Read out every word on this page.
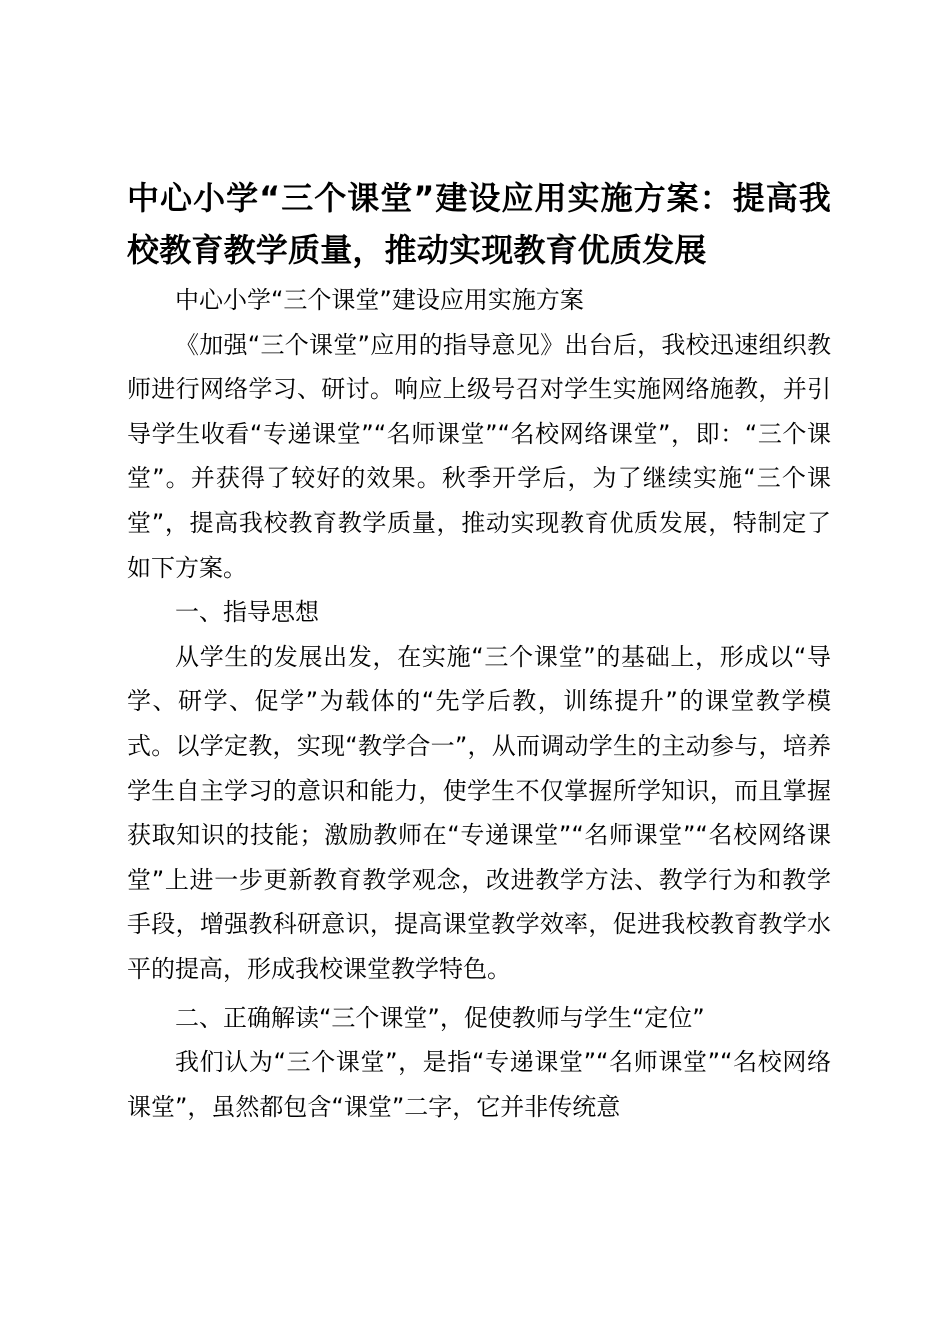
中心小学“三个课堂”建设应用实施方案：提高我校教育教学质量，推动实现教育优质发展

中心小学“三个课堂”建设应用实施方案

《加强“三个课堂”应用的指导意见》出台后，我校迅速组织教师进行网络学习、研讨。响应上级号召对学生实施网络施教，并引导学生收看“专递课堂”“名师课堂”“名校网络课堂”，即：“三个课堂”。并获得了较好的效果。秋季开学后，为了继续实施“三个课堂”，提高我校教育教学质量，推动实现教育优质发展，特制定了如下方案。

一、指导思想

从学生的发展出发，在实施“三个课堂”的基础上，形成以“导学、研学、促学”为载体的“先学后教，训练提升”的课堂教学模式。以学定教，实现“教学合一”，从而调动学生的主动参与，培养学生自主学习的意识和能力，使学生不仅掌握所学知识，而且掌握获取知识的技能；激励教师在“专递课堂”“名师课堂”“名校网络课堂”上进一步更新教育教学观念，改进教学方法、教学行为和教学手段，增强教科研意识，提高课堂教学效率，促进我校教育教学水平的提高，形成我校课堂教学特色。

二、正确解读“三个课堂”，促使教师与学生“定位”

我们认为“三个课堂”，是指“专递课堂”“名师课堂”“名校网络课堂”，虽然都包含“课堂”二字，它并非传统意
